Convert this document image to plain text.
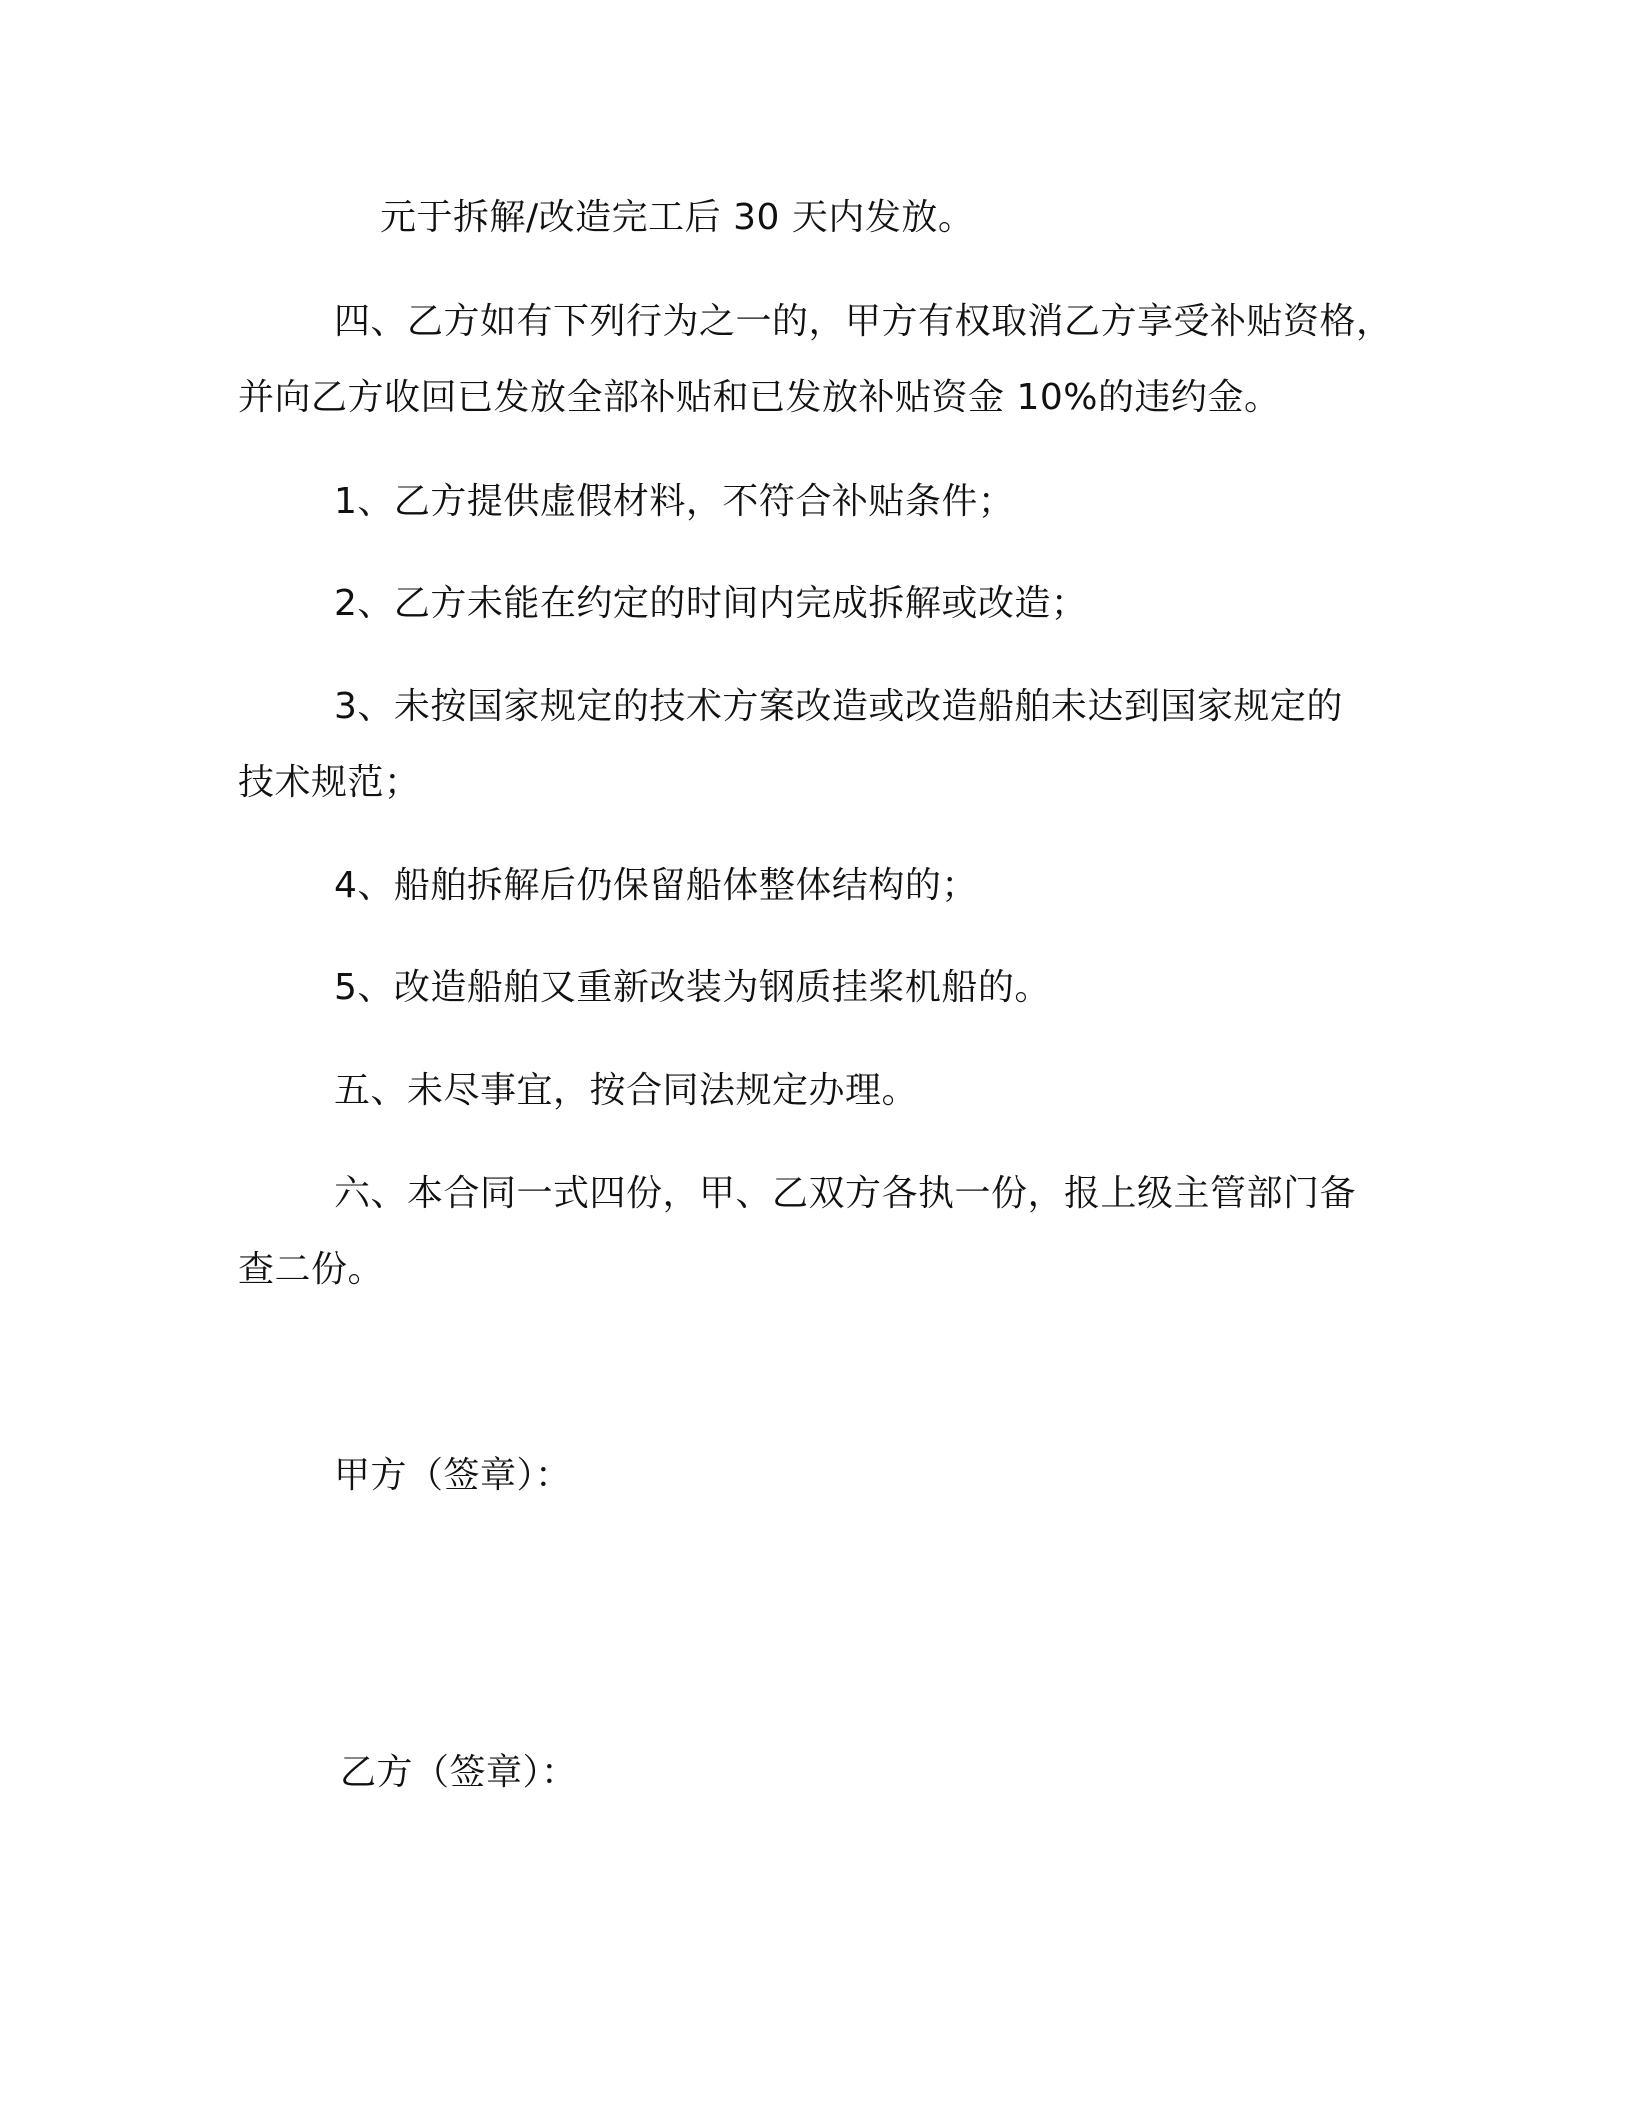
元于拆解/改造完工后 30 天内发放。

四、乙方如有下列行为之一的，甲方有权取消乙方享受补贴资格，

并向乙方收回已发放全部补贴和已发放补贴资金 10%的违约金。

1、乙方提供虚假材料，不符合补贴条件；

2、乙方未能在约定的时间内完成拆解或改造；

3、未按国家规定的技术方案改造或改造船舶未达到国家规定的

技术规范；

4、船舶拆解后仍保留船体整体结构的；

5、改造船舶又重新改装为钢质挂桨机船的。

五、未尽事宜，按合同法规定办理。

六、本合同一式四份，甲、乙双方各执一份，报上级主管部门备

查二份。

甲方（签章）：

乙方（签章）：
